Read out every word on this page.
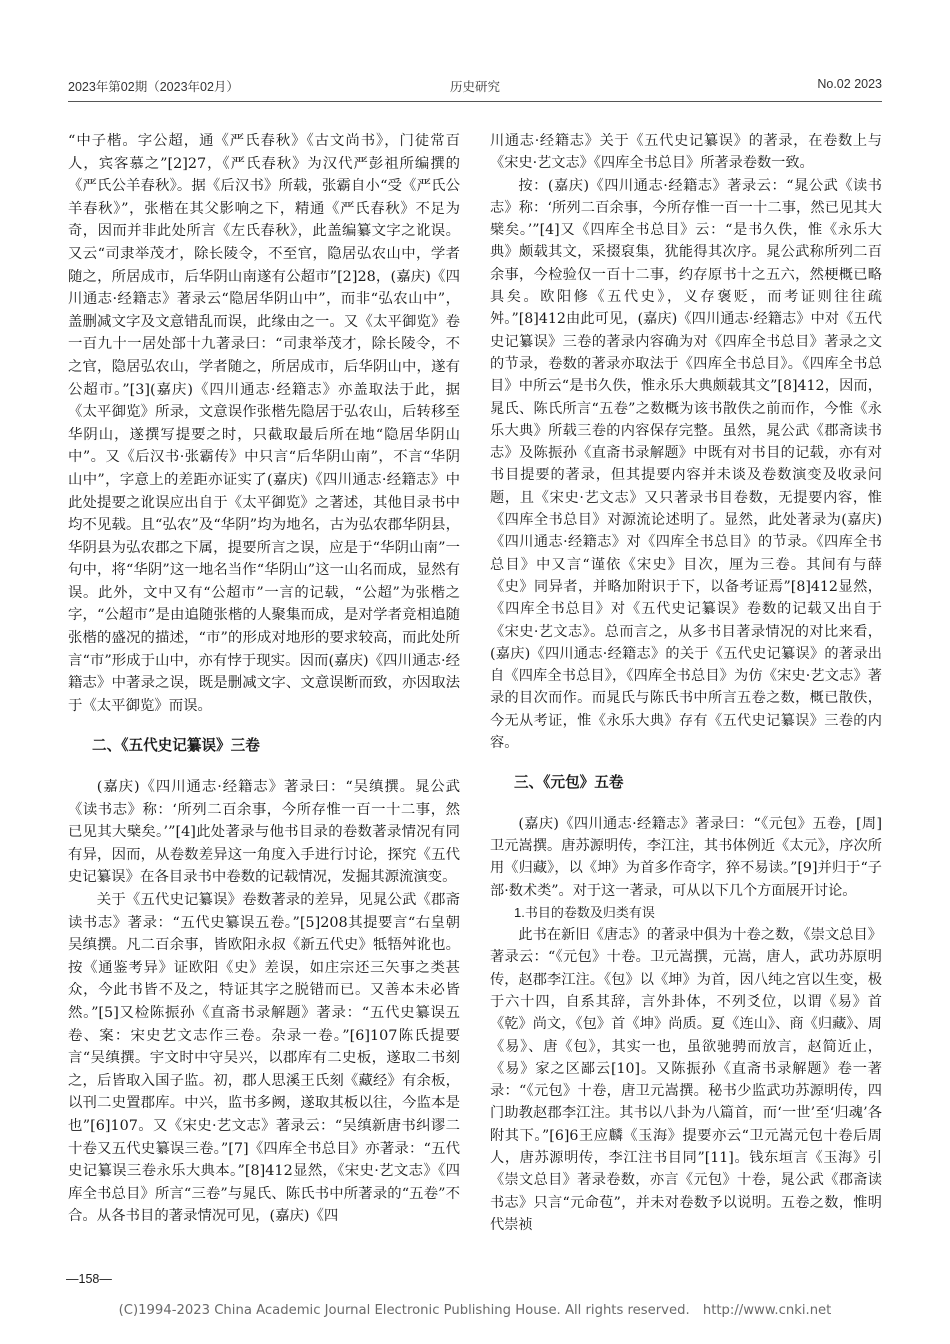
2023年第02期（2023年02月）	历史研究	No.02 2023

“中子楷。字公超，通《严氏春秋》《古文尚书》，门徒常百人，宾客慕之”[2]27，《严氏春秋》为汉代严彭祖所编撰的《严氏公羊春秋》。据《后汉书》所载，张霸自小“受《严氏公羊春秋》”，张楷在其父影响之下，精通《严氏春秋》不足为奇，因而并非此处所言《左氏春秋》，此盖编纂文字之讹误。又云“司隶举茂才，除长陵令，不至官，隐居弘农山中，学者随之，所居成市，后华阴山南遂有公超市”[2]28，(嘉庆)《四川通志·经籍志》著录云“隐居华阴山中”，而非“弘农山中”，盖删减文字及文意错乱而误，此缘由之一。又《太平御览》卷一百九十一居处部十九著录曰：“司隶举茂才，除长陵令，不之官，隐居弘农山，学者随之，所居成市，后华阴山中，遂有公超市。”[3](嘉庆)《四川通志·经籍志》亦盖取法于此，据《太平御览》所录，文意误作张楷先隐居于弘农山，后转移至华阴山，遂撰写提要之时，只截取最后所在地“隐居华阴山中”。又《后汉书·张霸传》中只言“后华阴山南”，不言“华阴山中”，字意上的差距亦证实了(嘉庆)《四川通志·经籍志》中此处提要之讹误应出自于《太平御览》之著述，其他目录书中均不见载。且“弘农”及“华阴”均为地名，古为弘农郡华阴县，华阴县为弘农郡之下属，提要所言之误，应是于“华阴山南”一句中，将“华阴”这一地名当作“华阴山”这一山名而成，显然有误。此外，文中又有“公超市”一言的记载，“公超”为张楷之字，“公超市”是由追随张楷的人聚集而成，是对学者竞相追随张楷的盛况的描述，“市”的形成对地形的要求较高，而此处所言“市”形成于山中，亦有悖于现实。因而(嘉庆)《四川通志·经籍志》中著录之误，既是删减文字、文意误断而致，亦因取法于《太平御览》而误。

二、《五代史记纂误》三卷

(嘉庆)《四川通志·经籍志》著录曰：“吴缜撰。晁公武《读书志》称：‘所列二百余事，今所存惟一百一十二事，然已见其大檗矣。’”[4]此处著录与他书目录的卷数著录情况有同有异，因而，从卷数差异这一角度入手进行讨论，探究《五代史记纂误》在各目录书中卷数的记载情况，发掘其源流演变。

关于《五代史记纂误》卷数著录的差异，见晁公武《郡斋读书志》著录：“五代史纂误五卷。”[5]208其提要言“右皇朝吴缜撰。凡二百余事，皆欧阳永叔《新五代史》牴牾舛讹也。按《通鉴考异》证欧阳《史》差误，如庄宗还三矢事之类甚众，今此书皆不及之，特证其字之脱错而已。又善本未必皆然。”[5]又检陈振孙《直斋书录解题》著录：“五代史纂误五卷、案：宋史艺文志作三卷。杂录一卷。”[6]107陈氏提要言“吴缜撰。宇文时中守吴兴，以郡库有二史板，遂取二书刻之，后皆取入国子监。初，郡人思溪王氏刻《藏经》有余板，以刊二史置郡库。中兴，监书多阙，遂取其板以往，今监本是也”[6]107。又《宋史·艺文志》著录云：“吴缜新唐书纠谬二十卷又五代史纂误三卷。”[7]《四库全书总目》亦著录：“五代史记纂误三卷永乐大典本。”[8]412显然，《宋史·艺文志》《四库全书总目》所言“三卷”与晁氏、陈氏书中所著录的“五卷”不合。从各书目的著录情况可见，(嘉庆)《四

川通志·经籍志》关于《五代史记纂误》的著录，在卷数上与《宋史·艺文志》《四库全书总目》所著录卷数一致。

按：(嘉庆)《四川通志·经籍志》著录云：“晁公武《读书志》称：‘所列二百余事，今所存惟一百一十二事，然已见其大檗矣。’”[4]又《四库全书总目》云：“是书久佚，惟《永乐大典》颇载其文，采掇裒集，犹能得其次序。晁公武称所列二百余事，今检验仅一百十二事，约存原书十之五六，然梗概已略具矣。欧阳修《五代史》，义存褒贬，而考证则往往疏舛。”[8]412由此可见，(嘉庆)《四川通志·经籍志》中对《五代史记纂误》三卷的著录内容确为对《四库全书总目》著录之文的节录，卷数的著录亦取法于《四库全书总目》。《四库全书总目》中所云“是书久佚，惟永乐大典颇载其文”[8]412，因而，晁氏、陈氏所言“五卷”之数概为该书散佚之前而作，今惟《永乐大典》所载三卷的内容保存完整。虽然，晁公武《郡斋读书志》及陈振孙《直斋书录解题》中既有对书目的记载，亦有对书目提要的著录，但其提要内容并未谈及卷数演变及收录问题，且《宋史·艺文志》又只著录书目卷数，无提要内容，惟《四库全书总目》对源流论述明了。显然，此处著录为(嘉庆)《四川通志·经籍志》对《四库全书总目》的节录。《四库全书总目》中又言“谨依《宋史》目次，厘为三卷。其间有与薛《史》同异者，并略加附识于下，以备考证焉”[8]412显然，《四库全书总目》对《五代史记纂误》卷数的记载又出自于《宋史·艺文志》。总而言之，从多书目著录情况的对比来看，(嘉庆)《四川通志·经籍志》的关于《五代史记纂误》的著录出自《四库全书总目》，《四库全书总目》为仿《宋史·艺文志》著录的目次而作。而晁氏与陈氏书中所言五卷之数，概已散佚，今无从考证，惟《永乐大典》存有《五代史记纂误》三卷的内容。

三、《元包》五卷

(嘉庆)《四川通志·经籍志》著录曰：“《元包》五卷，[周]卫元嵩撰。唐苏源明传，李江注，其书体例近《太元》，序次所用《归藏》，以《坤》为首多作奇字，猝不易读。”[9]并归于“子部·数术类”。对于这一著录，可从以下几个方面展开讨论。

1.书目的卷数及归类有误

此书在新旧《唐志》的著录中俱为十卷之数，《崇文总目》著录云：“《元包》十卷。卫元嵩撰，元嵩，唐人，武功苏原明传，赵郡李江注。《包》以《坤》为首，因八纯之宫以生变，极于六十四，自系其辞，言外卦体，不列爻位，以谓《易》首《乾》尚文，《包》首《坤》尚质。夏《连山》、商《归藏》、周《易》、唐《包》，其实一也，虽欲驰骋而放言，赵简近止，《易》家之区鄙云[10]。又陈振孙《直斋书录解题》卷一著录：“《元包》十卷，唐卫元嵩撰。秘书少监武功苏源明传，四门助教赵郡李江注。其书以八卦为八篇首，而‘一世’至‘归魂’各附其下。”[6]6王应麟《玉海》提要亦云“卫元嵩元包十卷后周人，唐苏源明传，李江注书目同”[11]。钱东垣言《玉海》引《崇文总目》著录卷数，亦言《元包》十卷，晁公武《郡斋读书志》只言“元命苞”，并未对卷数予以说明。五卷之数，惟明代崇祯

—158—
(C)1994-2023 China Academic Journal Electronic Publishing House. All rights reserved.　http://www.cnki.net
